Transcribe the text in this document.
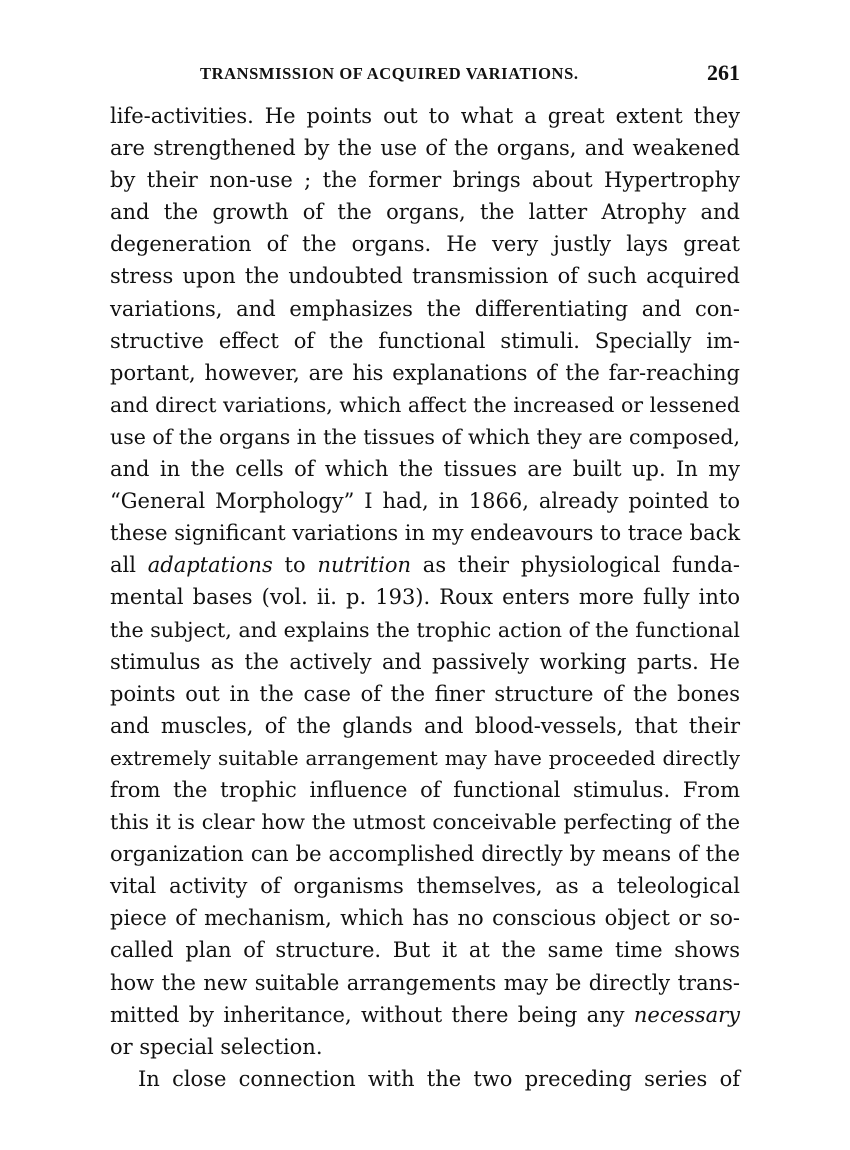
TRANSMISSION OF ACQUIRED VARIATIONS.	261
life-activities. He points out to what a great extent they
are strengthened by the use of the organs, and weakened
by their non-use ; the former brings about Hypertrophy
and the growth of the organs, the latter Atrophy and
degeneration of the organs. He very justly lays great
stress upon the undoubted transmission of such acquired
variations, and emphasizes the differentiating and con-
structive effect of the functional stimuli. Specially im-
portant, however, are his explanations of the far-reaching
and direct variations, which affect the increased or lessened
use of the organs in the tissues of which they are composed,
and in the cells of which the tissues are built up. In my
“General Morphology” I had, in 1866, already pointed to
these significant variations in my endeavours to trace back
all adaptations to nutrition as their physiological funda-
mental bases (vol. ii. p. 193). Roux enters more fully into
the subject, and explains the trophic action of the functional
stimulus as the actively and passively working parts. He
points out in the case of the finer structure of the bones
and muscles, of the glands and blood-vessels, that their
extremely suitable arrangement may have proceeded directly
from the trophic influence of functional stimulus. From
this it is clear how the utmost conceivable perfecting of the
organization can be accomplished directly by means of the
vital activity of organisms themselves, as a teleological
piece of mechanism, which has no conscious object or so-
called plan of structure. But it at the same time shows
how the new suitable arrangements may be directly trans-
mitted by inheritance, without there being any necessary
or special selection.
In close connection with the two preceding series of
